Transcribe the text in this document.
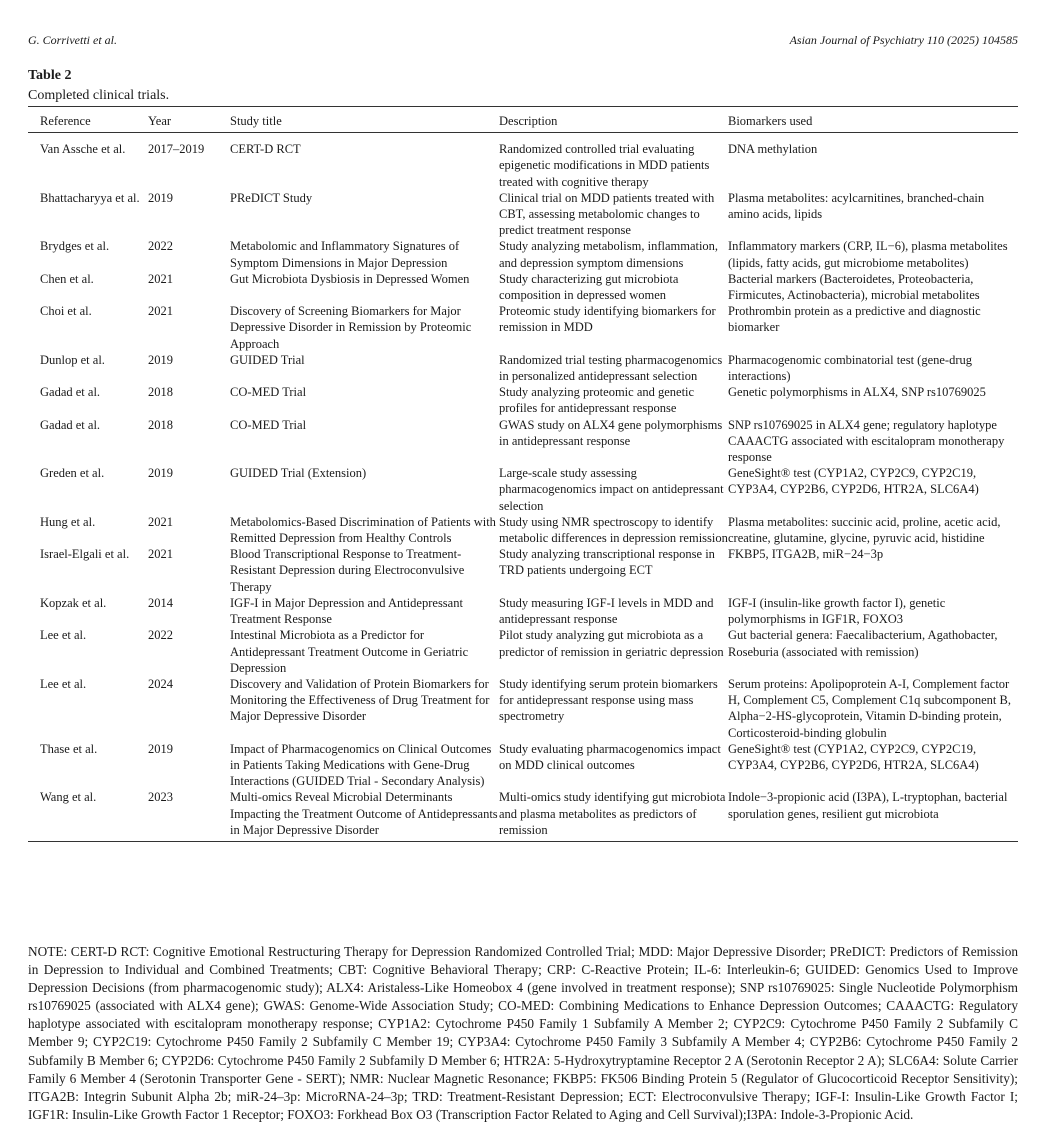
G. Corrivetti et al.	Asian Journal of Psychiatry 110 (2025) 104585
Table 2
Completed clinical trials.
Reference	Year	Study title	Description	Biomarkers used
Van Assche et al.	2017–2019	CERT-D RCT	Randomized controlled trial evaluating epigenetic modifications in MDD patients treated with cognitive therapy	DNA methylation
Bhattacharyya et al.	2019	PReDICT Study	Clinical trial on MDD patients treated with CBT, assessing metabolomic changes to predict treatment response	Plasma metabolites: acylcarnitines, branched-chain amino acids, lipids
Brydges et al.	2022	Metabolomic and Inflammatory Signatures of Symptom Dimensions in Major Depression	Study analyzing metabolism, inflammation, and depression symptom dimensions	Inflammatory markers (CRP, IL−6), plasma metabolites (lipids, fatty acids, gut microbiome metabolites)
Chen et al.	2021	Gut Microbiota Dysbiosis in Depressed Women	Study characterizing gut microbiota composition in depressed women	Bacterial markers (Bacteroidetes, Proteobacteria, Firmicutes, Actinobacteria), microbial metabolites
Choi et al.	2021	Discovery of Screening Biomarkers for Major Depressive Disorder in Remission by Proteomic Approach	Proteomic study identifying biomarkers for remission in MDD	Prothrombin protein as a predictive and diagnostic biomarker
Dunlop et al.	2019	GUIDED Trial	Randomized trial testing pharmacogenomics in personalized antidepressant selection	Pharmacogenomic combinatorial test (gene-drug interactions)
Gadad et al.	2018	CO-MED Trial	Study analyzing proteomic and genetic profiles for antidepressant response	Genetic polymorphisms in ALX4, SNP rs10769025
Gadad et al.	2018	CO-MED Trial	GWAS study on ALX4 gene polymorphisms in antidepressant response	SNP rs10769025 in ALX4 gene; regulatory haplotype CAAACTG associated with escitalopram monotherapy response
Greden et al.	2019	GUIDED Trial (Extension)	Large-scale study assessing pharmacogenomics impact on antidepressant selection	GeneSight® test (CYP1A2, CYP2C9, CYP2C19, CYP3A4, CYP2B6, CYP2D6, HTR2A, SLC6A4)
Hung et al.	2021	Metabolomics-Based Discrimination of Patients with Remitted Depression from Healthy Controls	Study using NMR spectroscopy to identify metabolic differences in depression remission	Plasma metabolites: succinic acid, proline, acetic acid, creatine, glutamine, glycine, pyruvic acid, histidine
Israel-Elgali et al.	2021	Blood Transcriptional Response to Treatment-Resistant Depression during Electroconvulsive Therapy	Study analyzing transcriptional response in TRD patients undergoing ECT	FKBP5, ITGA2B, miR−24−3p
Kopzak et al.	2014	IGF-I in Major Depression and Antidepressant Treatment Response	Study measuring IGF-I levels in MDD and antidepressant response	IGF-I (insulin-like growth factor I), genetic polymorphisms in IGF1R, FOXO3
Lee et al.	2022	Intestinal Microbiota as a Predictor for Antidepressant Treatment Outcome in Geriatric Depression	Pilot study analyzing gut microbiota as a predictor of remission in geriatric depression	Gut bacterial genera: Faecalibacterium, Agathobacter, Roseburia (associated with remission)
Lee et al.	2024	Discovery and Validation of Protein Biomarkers for Monitoring the Effectiveness of Drug Treatment for Major Depressive Disorder	Study identifying serum protein biomarkers for antidepressant response using mass spectrometry	Serum proteins: Apolipoprotein A-I, Complement factor H, Complement C5, Complement C1q subcomponent B, Alpha−2-HS-glycoprotein, Vitamin D-binding protein, Corticosteroid-binding globulin
Thase et al.	2019	Impact of Pharmacogenomics on Clinical Outcomes in Patients Taking Medications with Gene-Drug Interactions (GUIDED Trial - Secondary Analysis)	Study evaluating pharmacogenomics impact on MDD clinical outcomes	GeneSight® test (CYP1A2, CYP2C9, CYP2C19, CYP3A4, CYP2B6, CYP2D6, HTR2A, SLC6A4)
Wang et al.	2023	Multi-omics Reveal Microbial Determinants Impacting the Treatment Outcome of Antidepressants in Major Depressive Disorder	Multi-omics study identifying gut microbiota and plasma metabolites as predictors of remission	Indole−3-propionic acid (I3PA), L-tryptophan, bacterial sporulation genes, resilient gut microbiota
NOTE: CERT-D RCT: Cognitive Emotional Restructuring Therapy for Depression Randomized Controlled Trial; MDD: Major Depressive Disorder; PReDICT: Predictors of Remission in Depression to Individual and Combined Treatments; CBT: Cognitive Behavioral Therapy; CRP: C-Reactive Protein; IL-6: Interleukin-6; GUIDED: Genomics Used to Improve Depression Decisions (from pharmacogenomic study); ALX4: Aristaless-Like Homeobox 4 (gene involved in treatment response); SNP rs10769025: Single Nucleotide Polymorphism rs10769025 (associated with ALX4 gene); GWAS: Genome-Wide Association Study; CO-MED: Combining Medications to Enhance Depression Outcomes; CAAACTG: Regulatory haplotype associated with escitalopram monotherapy response; CYP1A2: Cytochrome P450 Family 1 Subfamily A Member 2; CYP2C9: Cytochrome P450 Family 2 Subfamily C Member 9; CYP2C19: Cytochrome P450 Family 2 Subfamily C Member 19; CYP3A4: Cytochrome P450 Family 3 Subfamily A Member 4; CYP2B6: Cytochrome P450 Family 2 Subfamily B Member 6; CYP2D6: Cytochrome P450 Family 2 Subfamily D Member 6; HTR2A: 5-Hydroxytryptamine Receptor 2 A (Serotonin Receptor 2 A); SLC6A4: Solute Carrier Family 6 Member 4 (Serotonin Transporter Gene - SERT); NMR: Nuclear Magnetic Resonance; FKBP5: FK506 Binding Protein 5 (Regulator of Glucocorticoid Receptor Sensitivity); ITGA2B: Integrin Subunit Alpha 2b; miR-24–3p: MicroRNA-24–3p; TRD: Treatment-Resistant Depression; ECT: Electroconvulsive Therapy; IGF-I: Insulin-Like Growth Factor I; IGF1R: Insulin-Like Growth Factor 1 Receptor; FOXO3: Forkhead Box O3 (Transcription Factor Related to Aging and Cell Survival);I3PA: Indole-3-Propionic Acid.
